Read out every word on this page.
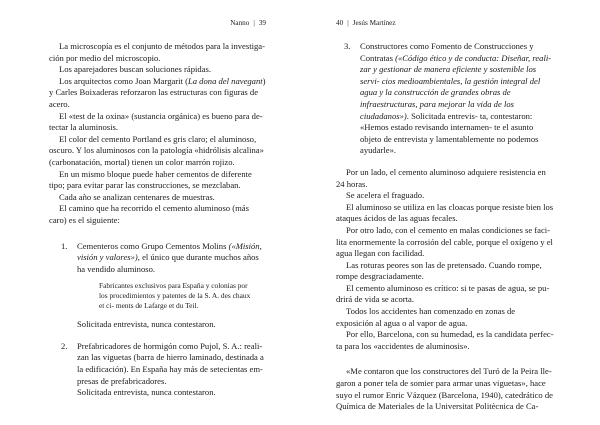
Nanno | 39

La microscopía es el conjunto de métodos para la investiga- ción por medio del microscopio.

Los aparejadores buscan soluciones rápidas.

Los arquitectos como Joan Margarit (La dona del navegant) y Carles Boixaderas reforzaron las estructuras con figuras de acero.

El «test de la oxina» (sustancia orgánica) es bueno para de- tectar la aluminosis.

El color del cemento Portland es gris claro; el aluminoso, oscuro. Y los aluminosos con la patología «hidrólisis alcalina» (carbonatación, mortal) tienen un color marrón rojizo.

En un mismo bloque puede haber cementos de diferente tipo; para evitar parar las construcciones, se mezclaban.

Cada año se analizan centenares de muestras.

El camino que ha recorrido el cemento aluminoso (más caro) es el siguiente:

1. Cementeros como Grupo Cementos Molins («Misión, visión y valores»), el único que durante muchos años ha vendido aluminoso.

Fabricantes exclusivos para España y colonias por los procedimientos y patentes de la S. A. des chaux et ci- ments de Lafarge et du Teil.

Solicitada entrevista, nunca contestaron.

2. Prefabricadores de hormigón como Pujol, S. A.: reali- zan las viguetas (barra de hierro laminado, destinada a la edificación). En España hay más de setecientas em- presas de prefabricadores.

Solicitada entrevista, nunca contestaron.

40 | Jesús Martínez
3. Constructores como Fomento de Construcciones y Contratas («Código ético y de conducta: Diseñar, reali- zar y gestionar de manera eficiente y sostenible los servi- cios medioambientales, la gestión integral del agua y la construcción de grandes obras de infraestructuras, para mejorar la vida de los ciudadanos»). Solicitada entrevis- ta, contestaron: «Hemos estado revisando internamen- te el asunto objeto de entrevista y lamentablemente no podemos ayudarle».

Por un lado, el cemento aluminoso adquiere resistencia en 24 horas.

Se acelera el fraguado.

El aluminoso se utiliza en las cloacas porque resiste bien los ataques ácidos de las aguas fecales.

Por otro lado, con el cemento en malas condiciones se faci- lita enormemente la corrosión del cable, porque el oxígeno y el agua llegan con facilidad.

Las roturas peores son las de pretensado. Cuando rompe, rompe desgraciadamente.

El cemento aluminoso es crítico: si te pasas de agua, se pu- drirá de vida se acorta.

Todos los accidentes han comenzado en zonas de exposición al agua o al vapor de agua.

Por ello, Barcelona, con su humedad, es la candidata perfec- ta para los «accidentes de aluminosis».

«Me contaron que los constructores del Turó de la Peira lle- garon a poner tela de somier para armar unas viguetas», hace suyo el rumor Enric Vázquez (Barcelona, 1940), catedrático de Química de Materiales de la Universitat Politècnica de Ca-
